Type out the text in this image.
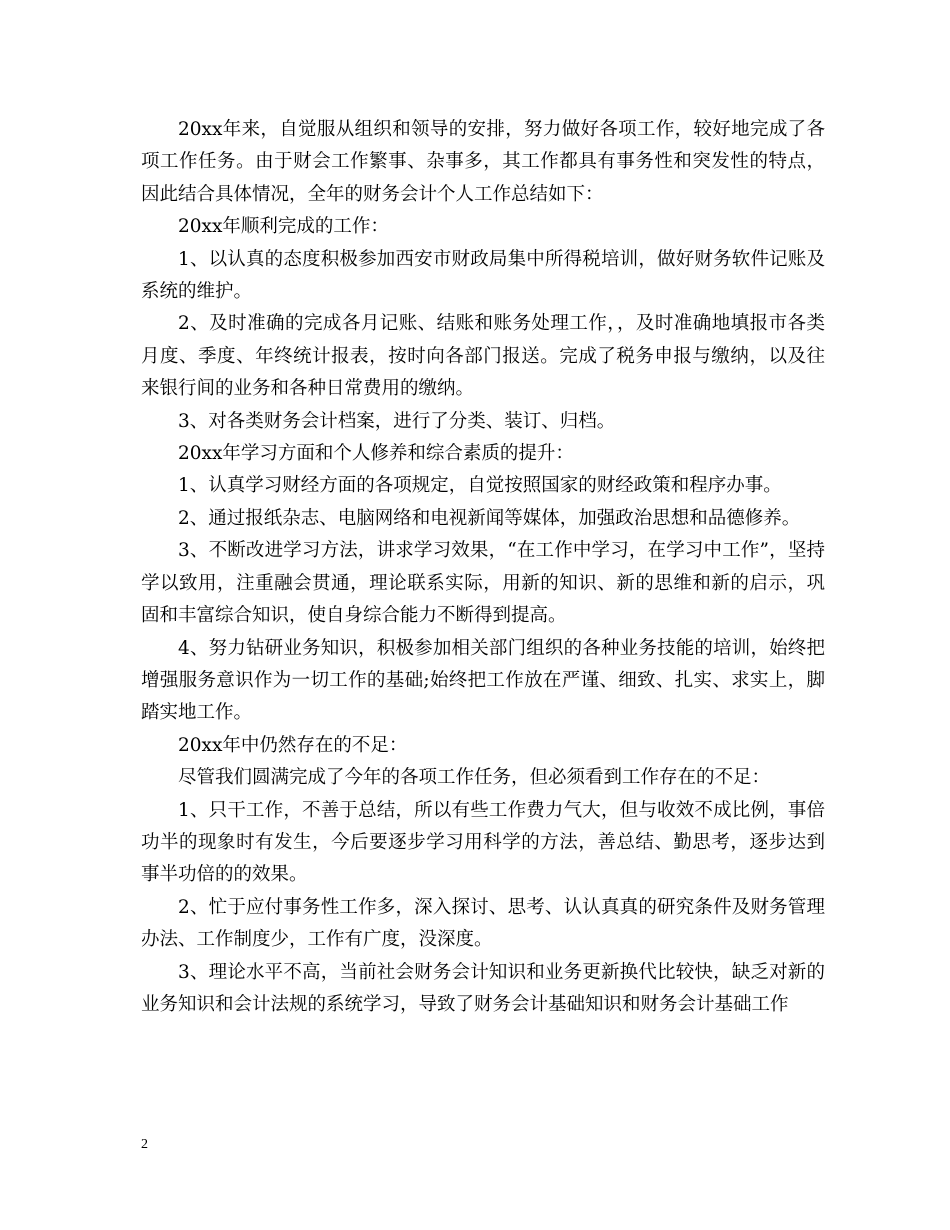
20xx年来，自觉服从组织和领导的安排，努力做好各项工作，较好地完成了各项工作任务。由于财会工作繁事、杂事多，其工作都具有事务性和突发性的特点，因此结合具体情况，全年的财务会计个人工作总结如下：

20xx年顺利完成的工作：

1、以认真的态度积极参加西安市财政局集中所得税培训，做好财务软件记账及系统的维护。

2、及时准确的完成各月记账、结账和账务处理工作，，及时准确地填报市各类月度、季度、年终统计报表，按时向各部门报送。完成了税务申报与缴纳，以及往来银行间的业务和各种日常费用的缴纳。

3、对各类财务会计档案，进行了分类、装订、归档。

20xx年学习方面和个人修养和综合素质的提升：

1、认真学习财经方面的各项规定，自觉按照国家的财经政策和程序办事。

2、通过报纸杂志、电脑网络和电视新闻等媒体，加强政治思想和品德修养。

3、不断改进学习方法，讲求学习效果，“在工作中学习，在学习中工作”，坚持学以致用，注重融会贯通，理论联系实际，用新的知识、新的思维和新的启示，巩固和丰富综合知识，使自身综合能力不断得到提高。

4、努力钻研业务知识，积极参加相关部门组织的各种业务技能的培训，始终把增强服务意识作为一切工作的基础;始终把工作放在严谨、细致、扎实、求实上，脚踏实地工作。

20xx年中仍然存在的不足：

尽管我们圆满完成了今年的各项工作任务，但必须看到工作存在的不足：

1、只干工作，不善于总结，所以有些工作费力气大，但与收效不成比例，事倍功半的现象时有发生，今后要逐步学习用科学的方法，善总结、勤思考，逐步达到事半功倍的的效果。

2、忙于应付事务性工作多，深入探讨、思考、认认真真的研究条件及财务管理办法、工作制度少，工作有广度，没深度。

3、理论水平不高，当前社会财务会计知识和业务更新换代比较快，缺乏对新的业务知识和会计法规的系统学习，导致了财务会计基础知识和财务会计基础工作

2
